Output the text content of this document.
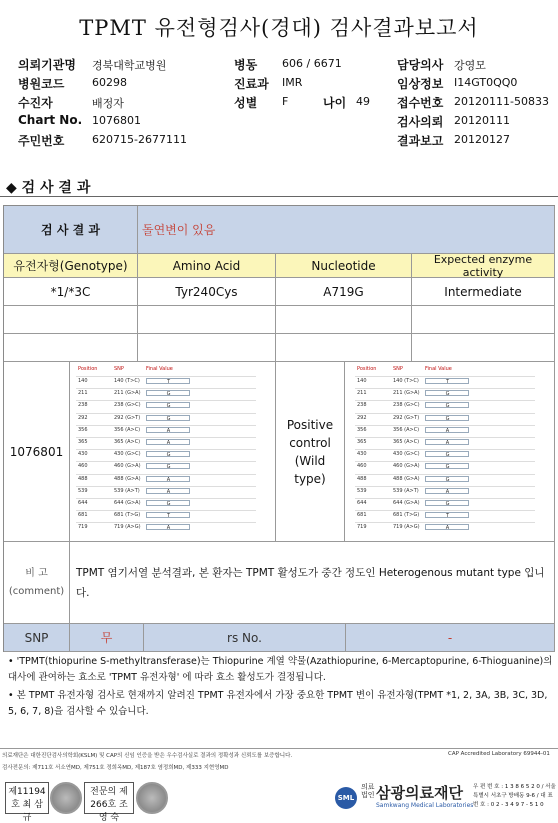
TPMT 유전형검사(경대) 검사결과보고서
의뢰기관명 경북대학교병원
병원코드	60298
수진자	배정자
Chart No. 1076801
주민번호	620715-2677111
병동 606 / 6671
진료과 IMR
성별 F	나이 49
담당의사 강영모
임상정보 I14GT0QQ0
접수번호 20120111-50833
검사의뢰 20120111
결과보고 20120127
◆ 검 사 결 과
검 사 결 과	돌연변이 있음
유전자형(Genotype)	Amino Acid	Nucleotide	Expected enzyme activity
*1/*3C	Tyr240Cys	A719G	Intermediate
1076801
Position	SNP	Final Value
140	140 (T>C)	T
211	211 (G>A)	G
238	238 (G>C)	G
292	292 (G>T)	G
356	356 (A>C)	A
365	365 (A>C)	A
430	430 (G>C)	G
460	460 (G>A)	G
488	488 (G>A)	A
539	539 (A>T)	A
644	644 (G>A)	G
681	681 (T>G)	T
719	719 (A>G)	A
Positive control (Wild type)
Position	SNP	Final Value
140	140 (T>C)	T
211	211 (G>A)	G
238	238 (G>C)	G
292	292 (G>T)	G
356	356 (A>C)	A
365	365 (A>C)	A
430	430 (G>C)	G
460	460 (G>A)	G
488	488 (G>A)	G
539	539 (A>T)	A
644	644 (G>A)	G
681	681 (T>G)	T
719	719 (A>G)	A
비 고 (comment)
TPMT 염기서열 분석결과, 본 환자는 TPMT 활성도가 중간 정도인 Heterogenous mutant type 입니다.
SNP	무	rs No.	-
• 'TPMT(thiopurine S-methyltransferase)는 Thiopurine 계열 약물(Azathiopurine, 6-Mercaptopurine, 6-Thioguanine)의 대사에 관여하는 효소로 'TPMT 유전자형' 에 따라 효소 활성도가 결정됩니다.
• 본 TPMT 유전자형 검사로 현재까지 알려진 TPMT 유전자에서 가장 중요한 TPMT 변이 유전자형(TPMT *1, 2, 3A, 3B, 3C, 3D, 5, 6, 7, 8)을 검사할 수 있습니다.
의료재단은 대한진단검사의학회(KSLM) 및 CAP의 신임 인증을 받은 우수검사실로 결과의 정확성과 신뢰도를 보증합니다.	CAP Accredited Laboratory 69944-01
검사전문의: 제711호 서소연MD, 제751호 정희옥MD, 제187호 염정희MD, 제333 지현영MD
제11194호 최 삼 규
전문의 제266호 조 영 숙
SML
의료법인 삼광의료재단
Samkwang Medical Laboratories
우 편 번 호 : 1 3 8 6 5 2 0 / 서울특별시 서초구 방배동 9-6 / 대 표 번 호 : 0 2 - 3 4 9 7 - 5 1 0
